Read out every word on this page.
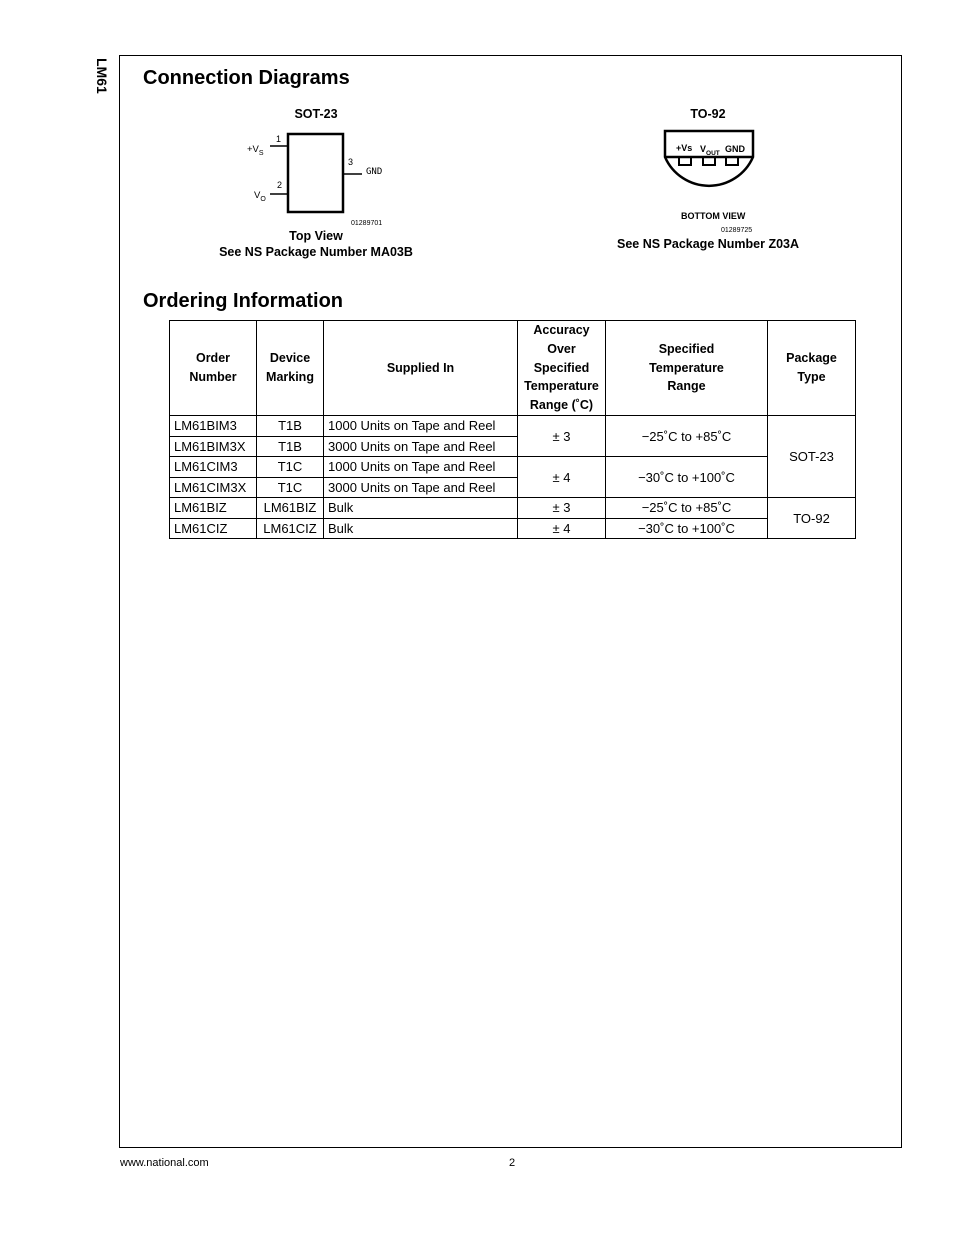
LM61 Connection Diagrams
SOT-23
1
$+V_S$
2
$V_O$
3
GND
01289701
Top View
See NS Package Number MA03B
TO-92
+Vs $V_{OUT}$ GND
BOTTOM VIEW
01289725
See NS Package Number Z03A
Ordering Information
Order Number	Device Marking	Supplied In	Accuracy Over Specified Temperature Range (˚C)	Specified Temperature Range	Package Type
LM61BIM3	T1B	1000 Units on Tape and Reel	± 3	−25˚C to +85˚C	SOT-23
LM61BIM3X	T1B	3000 Units on Tape and Reel			
LM61CIM3	T1C	1000 Units on Tape and Reel	± 4	−30˚C to +100˚C	
LM61CIM3X	T1C	3000 Units on Tape and Reel			
LM61BIZ	LM61BIZ	Bulk	± 3	−25˚C to +85˚C	TO-92
LM61CIZ	LM61CIZ	Bulk	± 4	−30˚C to +100˚C	
www.national.com	2
